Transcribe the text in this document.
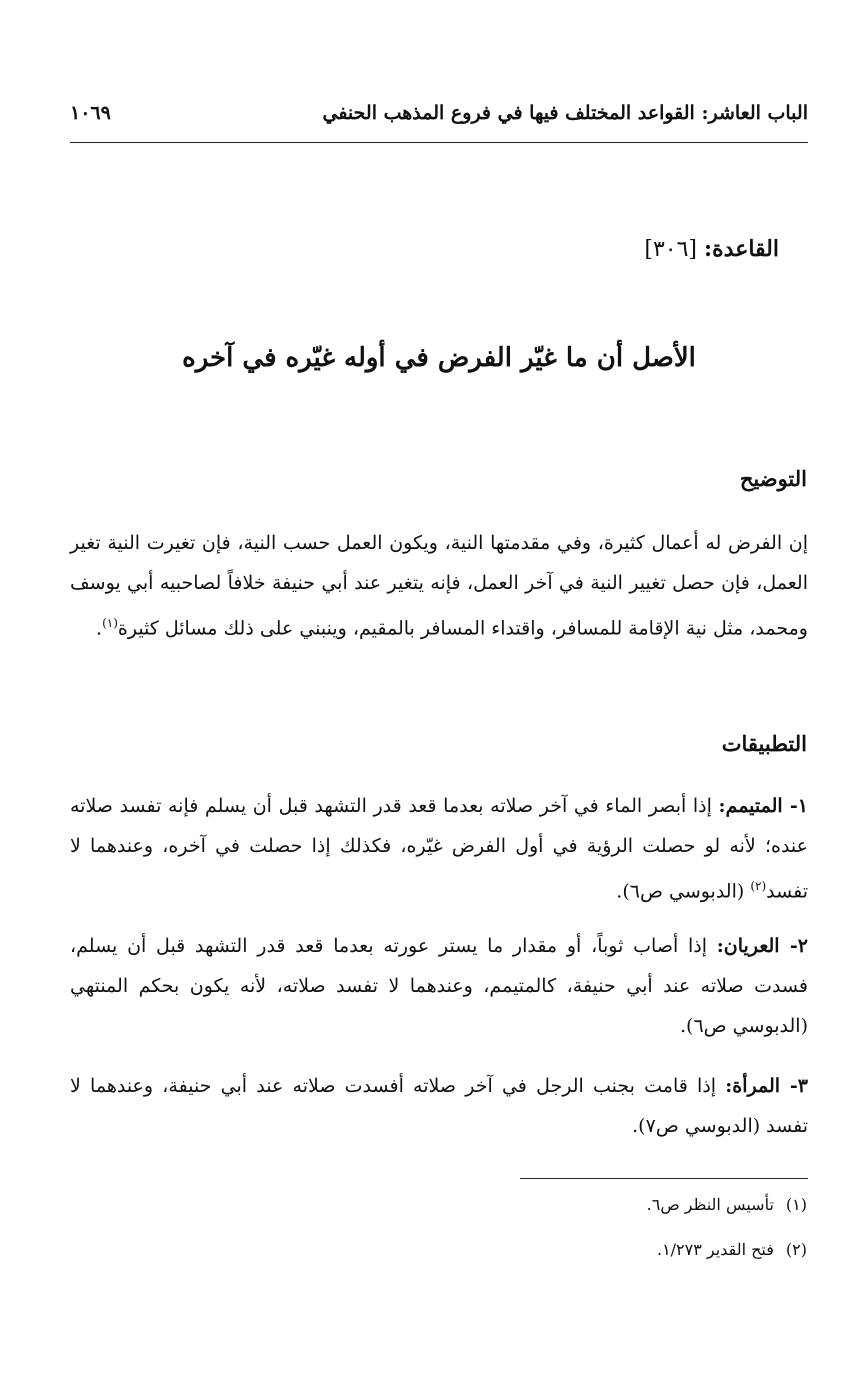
الباب العاشر: القواعد المختلف فيها في فروع المذهب الحنفي
١٠٦٩
القاعدة: [٣٠٦]
الأصل أن ما غيّر الفرض في أوله غيّره في آخره
التوضيح

إن الفرض له أعمال كثيرة، وفي مقدمتها النية، ويكون العمل حسب النية، فإن تغيرت النية تغير العمل، فإن حصل تغيير النية في آخر العمل، فإنه يتغير عند أبي حنيفة خلافاً لصاحبيه أبي يوسف ومحمد، مثل نية الإقامة للمسافر، واقتداء المسافر بالمقيم، وينبني على ذلك مسائل كثيرة$^{(١)}$.

التطبيقات

١- المتيمم: إذا أبصر الماء في آخر صلاته بعدما قعد قدر التشهد قبل أن يسلم فإنه تفسد صلاته عنده؛ لأنه لو حصلت الرؤية في أول الفرض غيّره، فكذلك إذا حصلت في آخره، وعندهما لا تفسد$^{(٢)}$ (الدبوسي ص٦).

٢- العريان: إذا أصاب ثوباً، أو مقدار ما يستر عورته بعدما قعد قدر التشهد قبل أن يسلم، فسدت صلاته عند أبي حنيفة، كالمتيمم، وعندهما لا تفسد صلاته، لأنه يكون بحكم المنتهي (الدبوسي ص٦).

٣- المرأة: إذا قامت بجنب الرجل في آخر صلاته أفسدت صلاته عند أبي حنيفة، وعندهما لا تفسد (الدبوسي ص٧).

(١)تأسيس النظر ص٦.
(٢)فتح القدير ١/٢٧٣.
